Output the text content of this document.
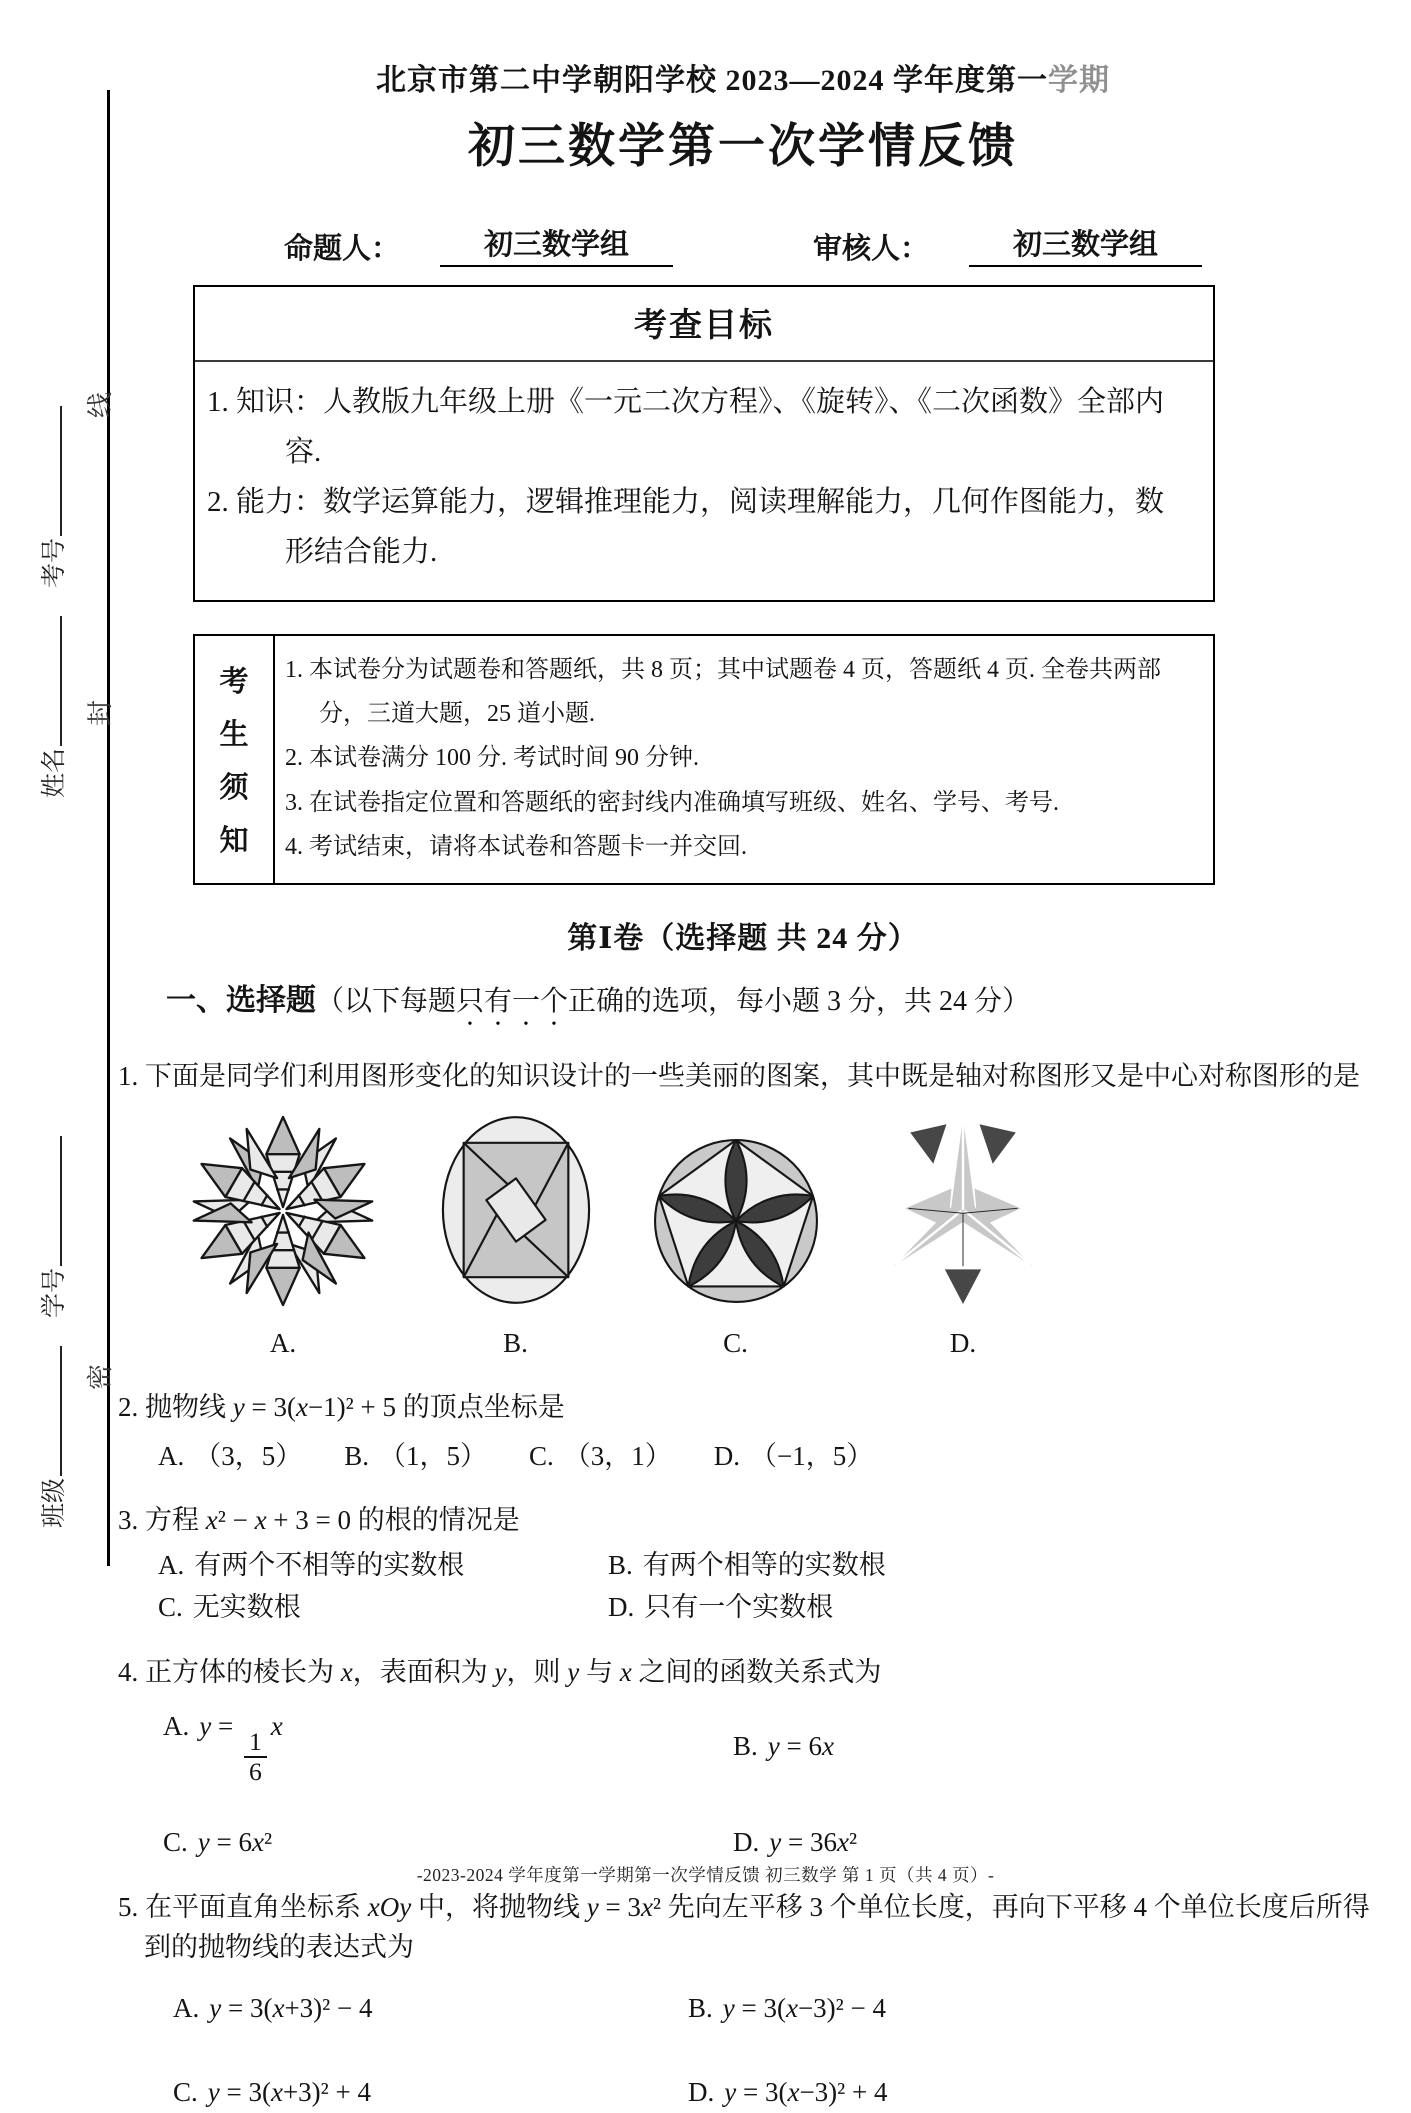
线
考号
封
姓名
学号
密
班级
北京市第二中学朝阳学校 2023—2024 学年度第一学期
初三数学第一次学情反馈
命题人：	初三数学组	审核人：	初三数学组
考查目标
1. 知识：人教版九年级上册《一元二次方程》、《旋转》、《二次函数》全部内容.
2. 能力：数学运算能力，逻辑推理能力，阅读理解能力，几何作图能力，数形结合能力.
考
生
须
知
1. 本试卷分为试题卷和答题纸，共 8 页；其中试题卷 4 页，答题纸 4 页. 全卷共两部分，三道大题，25 道小题.
2. 本试卷满分 100 分. 考试时间 90 分钟.
3. 在试卷指定位置和答题纸的密封线内准确填写班级、姓名、学号、考号.
4. 考试结束，请将本试卷和答题卡一并交回.
第Ⅰ卷（选择题 共 24 分）
一、选择题（以下每题只有一个正确的选项，每小题 3 分，共 24 分）
1. 下面是同学们利用图形变化的知识设计的一些美丽的图案，其中既是轴对称图形又是中心对称图形的是
A.	B.	C.	D.
2. 抛物线 y = 3(x−1)² + 5 的顶点坐标是
A. （3，5） B. （1，5） C. （3，1） D. （−1，5）
3. 方程 x² − x + 3 = 0 的根的情况是
A. 有两个不相等的实数根	B. 有两个相等的实数根
C. 无实数根	D. 只有一个实数根
4. 正方体的棱长为 x，表面积为 y，则 y 与 x 之间的函数关系式为
A. y =
$\frac{1}{6}$
x
B. y = 6x
C. y = 6x²	D. y = 36x²
5. 在平面直角坐标系 xOy 中，将抛物线 y = 3x² 先向左平移 3 个单位长度，再向下平移 4 个单位长度后所得到的抛物线的表达式为
A. y = 3(x+3)² − 4	B. y = 3(x−3)² − 4
C. y = 3(x+3)² + 4	D. y = 3(x−3)² + 4
-2023-2024 学年度第一学期第一次学情反馈 初三数学 第 1 页（共 4 页）-
